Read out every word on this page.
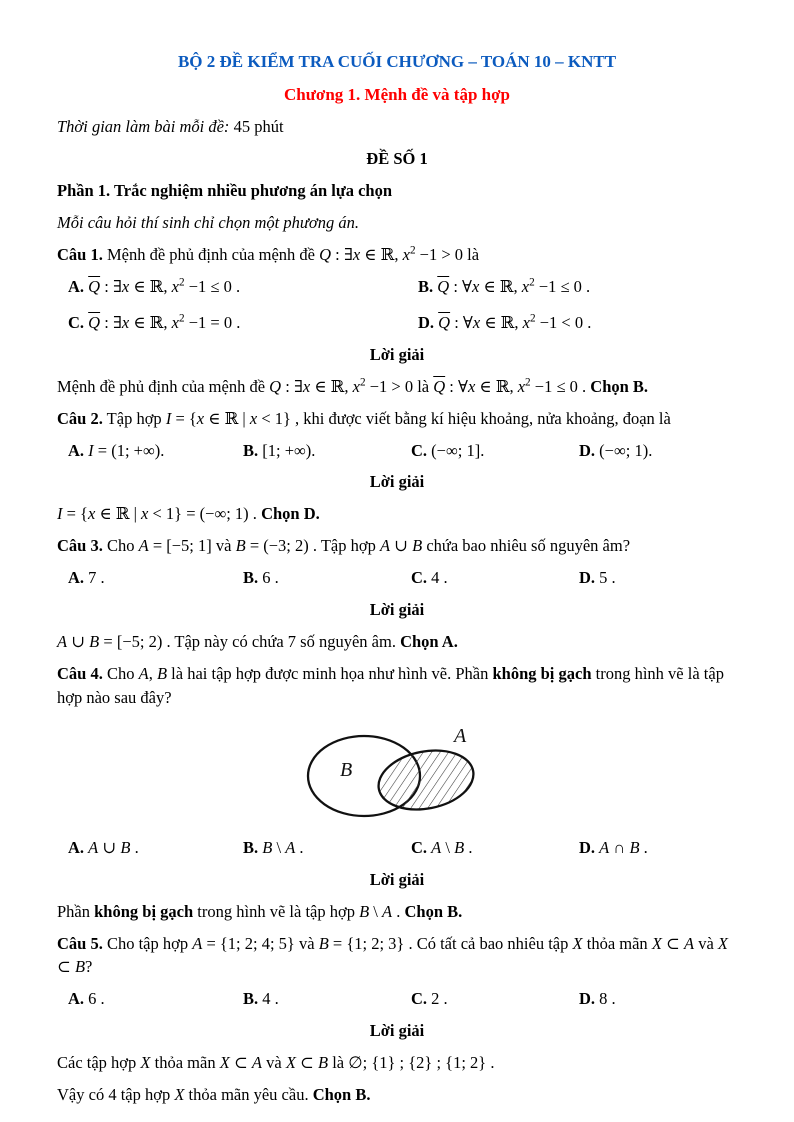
BỘ 2 ĐỀ KIỂM TRA CUỐI CHƯƠNG – TOÁN 10 – KNTT

Chương 1. Mệnh đề và tập hợp

Thời gian làm bài mỗi đề: 45 phút

ĐỀ SỐ 1

Phần 1. Trắc nghiệm nhiều phương án lựa chọn

Mỗi câu hỏi thí sinh chỉ chọn một phương án.

Câu 1. Mệnh đề phủ định của mệnh đề Q : ∃x ∈ ℝ, $x^2 -1 > 0$ là

A. $\overline{Q}$ : ∃x ∈ ℝ, $x^2 -1 \le 0$ .	B. $\overline{Q}$ : ∀x ∈ ℝ, $x^2 -1 \le 0$ .
C. $\overline{Q}$ : ∃x ∈ ℝ, $x^2 -1 = 0$ .	D. $\overline{Q}$ : ∀x ∈ ℝ, $x^2 -1 < 0$ .

Lời giải

Mệnh đề phủ định của mệnh đề Q : ∃x ∈ ℝ, $x^2 -1 > 0$ là $\overline{Q}$ : ∀x ∈ ℝ, $x^2 -1 \le 0$ . Chọn B.

Câu 2. Tập hợp I = {x ∈ ℝ | x < 1} , khi được viết bằng kí hiệu khoảng, nửa khoảng, đoạn là

A. I = (1; +∞).	B. [1; +∞).	C. (−∞; 1].	D. (−∞; 1).

Lời giải

I = {x ∈ ℝ | x < 1} = (−∞; 1) . Chọn D.

Câu 3. Cho A = [−5; 1] và B = (−3; 2) . Tập hợp A ∪ B chứa bao nhiêu số nguyên âm?

A. 7 .	B. 6 .	C. 4 .	D. 5 .

Lời giải

A ∪ B = [−5; 2) . Tập này có chứa 7 số nguyên âm. Chọn A.

Câu 4. Cho A, B là hai tập hợp được minh họa như hình vẽ. Phần không bị gạch trong hình vẽ là tập hợp nào sau đây?

B
A
A. A ∪ B .	B. B \ A .	C. A \ B .	D. A ∩ B .

Lời giải

Phần không bị gạch trong hình vẽ là tập hợp B \ A . Chọn B.

Câu 5. Cho tập hợp A = {1; 2; 4; 5} và B = {1; 2; 3} . Có tất cả bao nhiêu tập X thỏa mãn X ⊂ A và X ⊂ B?

A. 6 .	B. 4 .	C. 2 .	D. 8 .

Lời giải

Các tập hợp X thỏa mãn X ⊂ A và X ⊂ B là ∅; {1} ; {2} ; {1; 2} .

Vậy có 4 tập hợp X thỏa mãn yêu cầu. Chọn B.
